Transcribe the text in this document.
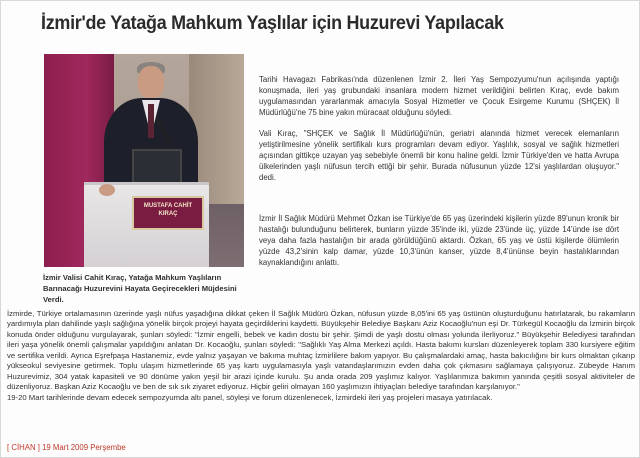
İzmir'de Yatağa Mahkum Yaşlılar için Huzurevi Yapılacak
MUSTAFA CAHİT
KIRAÇ
İzmir Valisi Cahit Kıraç, Yatağa Mahkum Yaşlıların Barınacağı Huzurevini Hayata Geçirecekleri Müjdesini Verdi.

Tarihi Havagazı Fabrikası'nda düzenlenen İzmir 2. İleri Yaş Sempozyumu'nun açılışında yaptığı konuşmada, ileri yaş grubundaki insanlara modern hizmet verildiğini belirten Kıraç, evde bakım uygulamasından yararlanmak amacıyla Sosyal Hizmetler ve Çocuk Esirgeme Kurumu (SHÇEK) İl Müdürlüğü'ne 75 bine yakın müracaat olduğunu söyledi.

Vali Kıraç, "SHÇEK ve Sağlık İl Müdürlüğü'nün, geriatri alanında hizmet verecek elemanların yetiştirilmesine yönelik sertifikalı kurs programları devam ediyor. Yaşlılık, sosyal ve sağlık hizmetleri açısından gittikçe uzayan yaş sebebiyle önemli bir konu haline geldi. İzmir Türkiye'den ve hatta Avrupa ülkelerinden yaşlı nüfusun tercih ettiği bir şehir. Burada nüfusunun yüzde 12'si yaşlılardan oluşuyor." dedi.

İzmir İl Sağlık Müdürü Mehmet Özkan ise Türkiye'de 65 yaş üzerindeki kişilerin yüzde 89'unun kronik bir hastalığı bulunduğunu belirterek, bunların yüzde 35'inde iki, yüzde 23'ünde üç, yüzde 14'ünde ise dört veya daha fazla hastalığın bir arada görüldüğünü aktardı. Özkan, 65 yaş ve üstü kişilerde ölümlerin yüzde 43,2'sinin kalp damar, yüzde 10,3'ünün kanser, yüzde 8,4'ününse beyin hastalıklarından kaynaklandığını anlattı.

İzmirde, Türkiye ortalamasının üzerinde yaşlı nüfus yaşadığına dikkat çeken İl Sağlık Müdürü Özkan, nüfusun yüzde 8,05'ini 65 yaş üstünün oluşturduğunu hatırlatarak, bu rakamların yardımıyla plan dahilinde yaşlı sağlığına yönelik birçok projeyi hayata geçirdiklerini kaydetti. Büyükşehir Belediye Başkanı Aziz Kocaoğlu'nun eşi Dr. Türkegül Kocaoğlu da İzmirin birçok konuda önder olduğunu vurgulayarak, şunları söyledi: "İzmir engelli, bebek ve kadın dostu bir şehir. Şimdi de yaşlı dostu olması yolunda ilerliyoruz." Büyükşehir Belediyesi tarafından ileri yaşa yönelik önemli çalışmalar yapıldığını anlatan Dr. Kocaoğlu, şunları söyledi: "Sağlıklı Yaş Alma Merkezi açıldı. Hasta bakımı kursları düzenleyerek toplam 330 kursiyere eğitim ve sertifika verildi. Ayrıca Eşrefpaşa Hastanemiz, evde yalnız yaşayan ve bakıma muhtaç İzmirlilere bakım yapıyor. Bu çalışmalardaki amaç, hasta bakıcılığını bir kurs olmaktan çıkarıp yükseokul seviyesine getirmek. Toplu ulaşım hizmetlerinde 65 yaş kartı uygulamasıyla yaşlı vatandaşlarımızın evden daha çok çıkmasını sağlamaya çalışıyoruz. Zübeyde Hanım Huzurevimiz, 304 yatak kapasiteli ve 90 dönüme yakın yeşil bir arazi içinde kurulu. Şu anda orada 209 yaşlımız kalıyor. Yaşlılarımıza bakımın yanında çeşitli sosyal aktiviteler de düzenliyoruz. Başkan Aziz Kocaoğlu ve ben de sık sık ziyaret ediyoruz. Hiçbir geliri olmayan 160 yaşlımızın ihtiyaçları belediye tarafından karşılanıyor."

19-20 Mart tarihlerinde devam edecek sempozyumda altı panel, söyleşi ve forum düzenlenecek, İzmirdeki ileri yaş projeleri masaya yatırılacak.

[ CİHAN ] 19 Mart 2009 Perşembe
